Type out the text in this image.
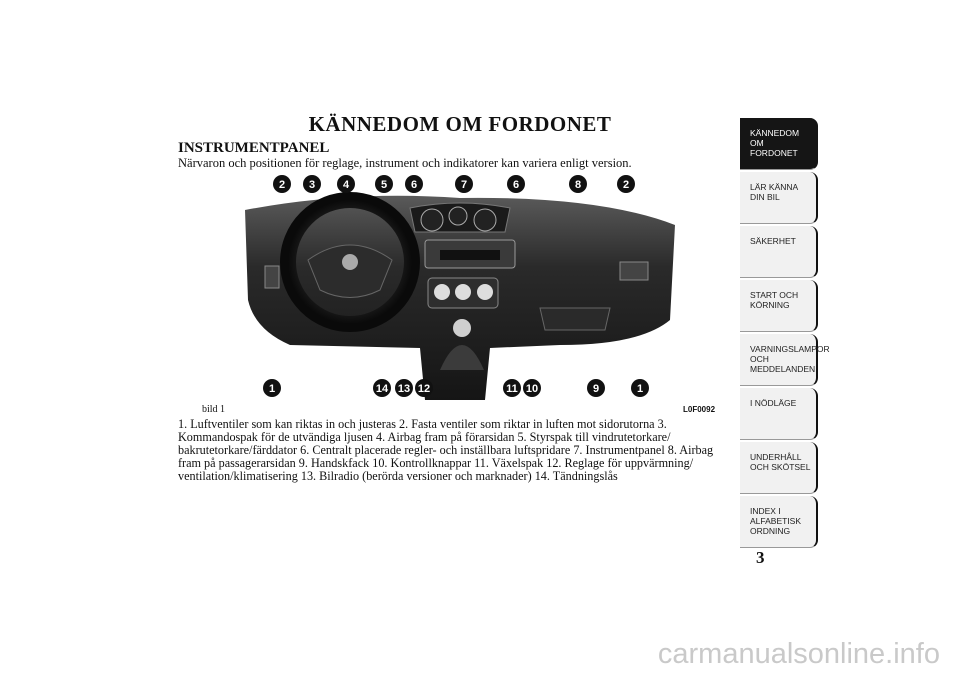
KÄNNEDOM OM FORDONET
INSTRUMENTPANEL
Närvaron och positionen för reglage, instrument och indikatorer kan variera enligt version.
2 3	4	5 6	7	6	8	2
1	14 13 12	11 10	9	1
bild 1	L0F0092
1. Luftventiler som kan riktas in och justeras 2. Fasta ventiler som riktar in luften mot sidorutorna 3. Kommandospak för de utvändiga ljusen 4. Airbag fram på förarsidan 5. Styrspak till vindrutetorkare/ bakrutetorkare/färddator 6. Centralt placerade regler- och inställbara luftspridare 7. Instrumentpanel 8. Airbag fram på passagerarsidan 9. Handskfack 10. Kontrollknappar 11. Växelspak 12. Reglage för uppvärmning/ ventilation/klimatisering 13. Bilradio (berörda versioner och marknader) 14. Tändningslås
KÄNNEDOM OM FORDONET
LÄR KÄNNA DIN BIL
SÄKERHET
START OCH KÖRNING
VARNINGSLAMPOR OCH MEDDELANDEN
I NÖDLÄGE
UNDERHÅLL OCH SKÖTSEL
INDEX I ALFABETISK ORDNING
3
carmanualsonline.info
